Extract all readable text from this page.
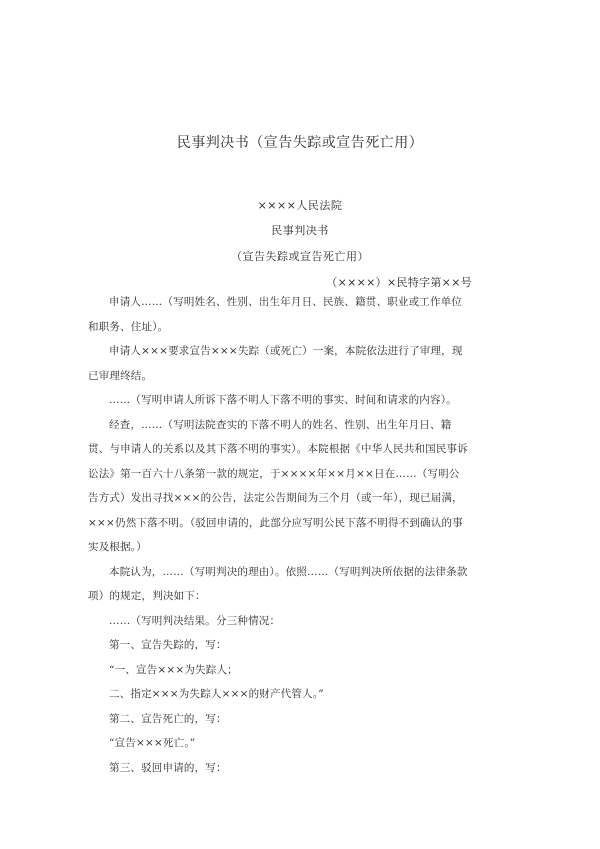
民事判决书（宣告失踪或宣告死亡用）
××××人民法院
民事判决书
（宣告失踪或宣告死亡用）
（××××）×民特字第××号

申请人……（写明姓名、性别、出生年月日、民族、籍贯、职业或工作单位和职务、住址）。

申请人×××要求宣告×××失踪（或死亡）一案，本院依法进行了审理，现已审理终结。

……（写明申请人所诉下落不明人下落不明的事实、时间和请求的内容）。

经查，……（写明法院查实的下落不明人的姓名、性别、出生年月日、籍贯、与申请人的关系以及其下落不明的事实）。本院根据《中华人民共和国民事诉讼法》第一百六十八条第一款的规定，于××××年××月××日在……（写明公告方式）发出寻找×××的公告，法定公告期间为三个月（或一年），现已届满，×××仍然下落不明。（驳回申请的，此部分应写明公民下落不明得不到确认的事实及根据。）

本院认为，……（写明判决的理由）。依照……（写明判决所依据的法律条款项）的规定，判决如下：

……（写明判决结果。分三种情况：

第一、宣告失踪的，写：

“一、宣告×××为失踪人；

二、指定×××为失踪人×××的财产代管人。”

第二、宣告死亡的，写：

“宣告×××死亡。”

第三、驳回申请的，写：
